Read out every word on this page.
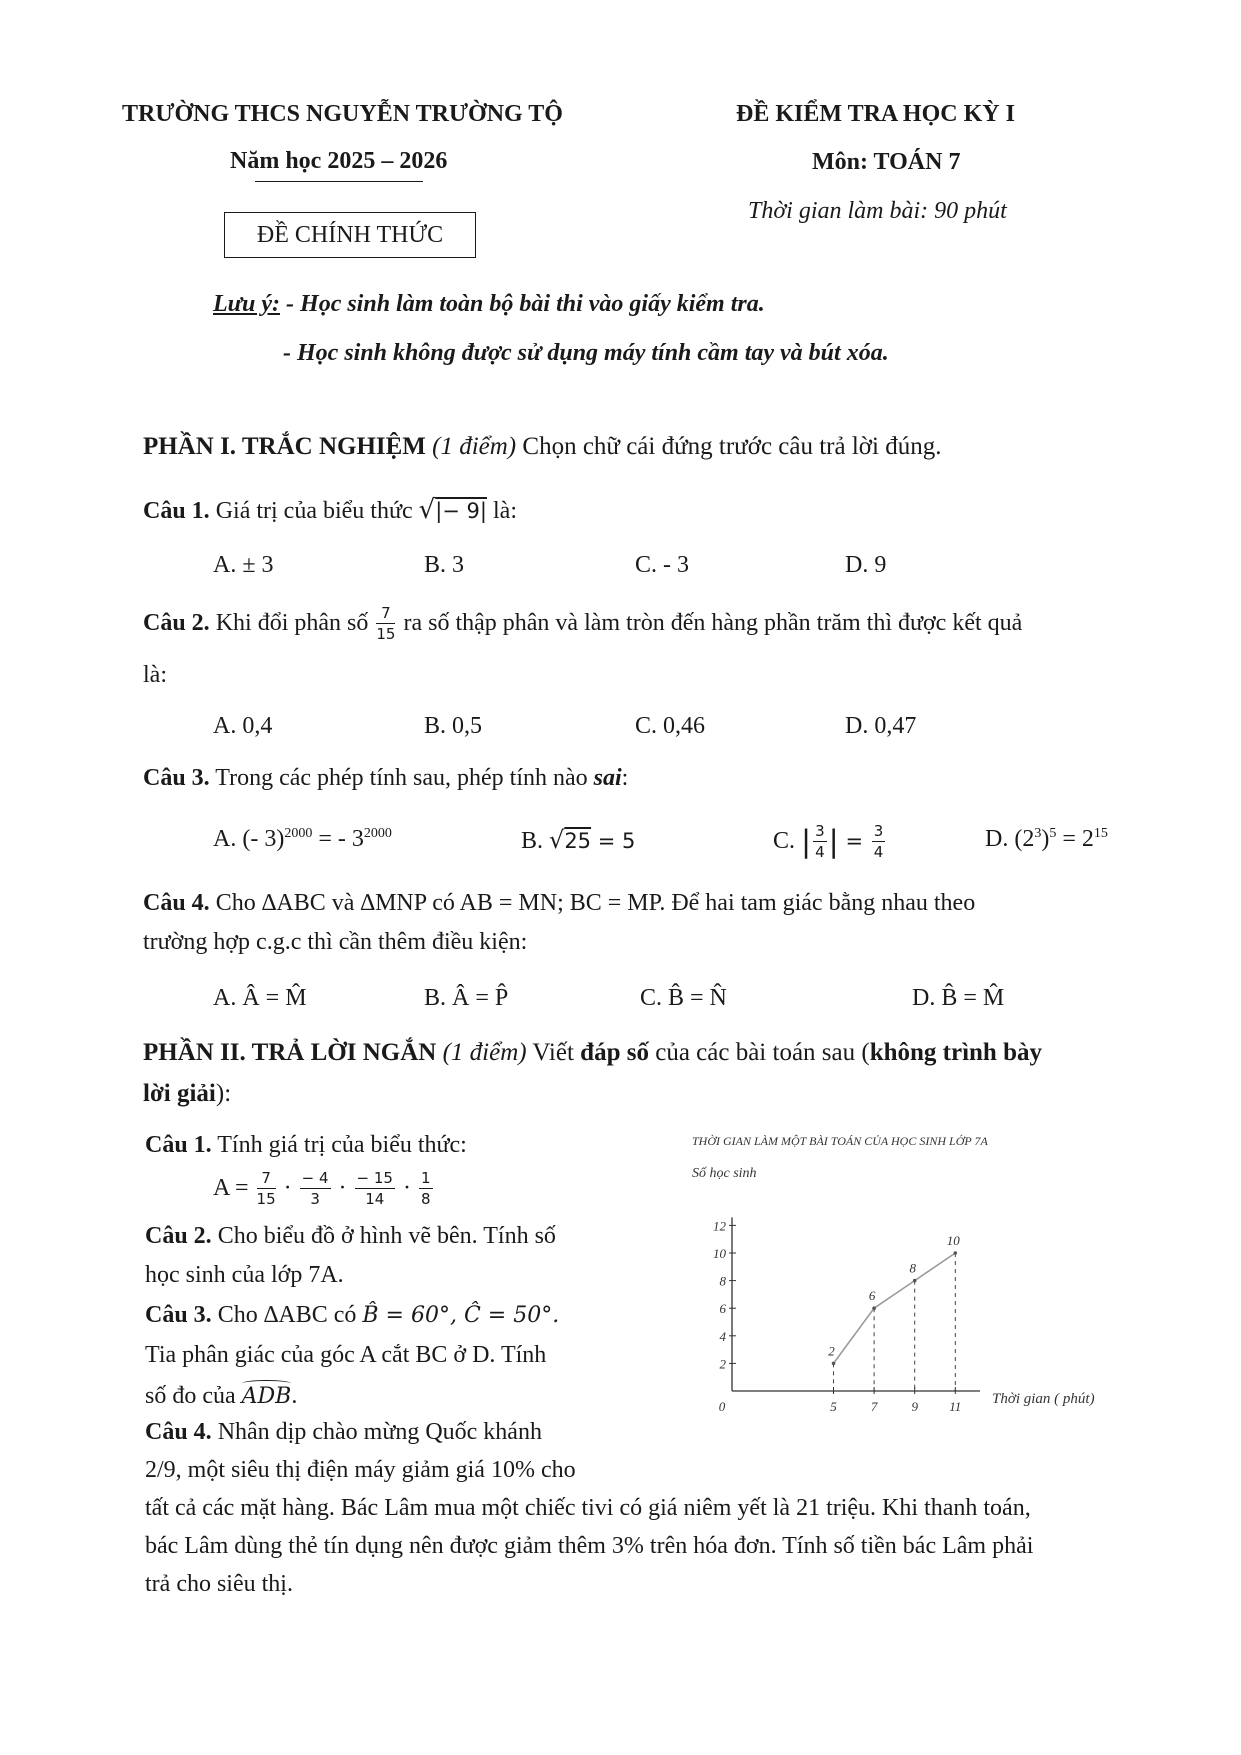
TRƯỜNG THCS NGUYỄN TRƯỜNG TỘ
Năm học 2025 – 2026
ĐỀ CHÍNH THỨC
ĐỀ KIỂM TRA HỌC KỲ I
Môn: TOÁN 7
Thời gian làm bài: 90 phút
Lưu ý: - Học sinh làm toàn bộ bài thi vào giấy kiểm tra.
- Học sinh không được sử dụng máy tính cầm tay và bút xóa.
PHẦN I. TRẮC NGHIỆM (1 điểm) Chọn chữ cái đứng trước câu trả lời đúng.
Câu 1. Giá trị của biểu thức √|− 9| là:
A. ± 3	B. 3	C. - 3	D. 9
Câu 2. Khi đổi phân số $\frac{7}{15}$ ra số thập phân và làm tròn đến hàng phần trăm thì được kết quả
là:
A. 0,4	B. 0,5	C. 0,46	D. 0,47
Câu 3. Trong các phép tính sau, phép tính nào sai:
A. (- 3)$^{2000}$ = - $3^{2000}$	B. √25 = 5	C. | $\frac{3}{4}$ | = $\frac{3}{4}$	D. $(2^3)^5 = 2^{15}$
Câu 4. Cho ∆ABC và ∆MNP có AB = MN; BC = MP. Để hai tam giác bằng nhau theo
trường hợp c.g.c thì cần thêm điều kiện:
A. Â = M̂	B. Â = P̂	C. B̂ = N̂	D. B̂ = M̂
PHẦN II. TRẢ LỜI NGẮN (1 điểm) Viết đáp số của các bài toán sau (không trình bày
lời giải):
Câu 1. Tính giá trị của biểu thức:
$A = \frac{7}{15} \cdot \frac{- 4}{3} \cdot \frac{- 15}{14} \cdot \frac{1}{8}$
Câu 2. Cho biểu đồ ở hình vẽ bên. Tính số
học sinh của lớp 7A.
Câu 3. Cho ∆ABC có B̂ = 60°, Ĉ = 50°.
Tia phân giác của góc A cắt BC ở D. Tính
số đo của
ADB.
Câu 4. Nhân dịp chào mừng Quốc khánh
2/9, một siêu thị điện máy giảm giá 10% cho
tất cả các mặt hàng. Bác Lâm mua một chiếc tivi có giá niêm yết là 21 triệu. Khi thanh toán,
bác Lâm dùng thẻ tín dụng nên được giảm thêm 3% trên hóa đơn. Tính số tiền bác Lâm phải
trả cho siêu thị.
THỜI GIAN LÀM MỘT BÀI TOÁN CỦA HỌC SINH LỚP 7A
Số học sinh
Thời gian ( phút)
2
6
8
10
2
4
6
8
10
12
0	5	7	9 11
